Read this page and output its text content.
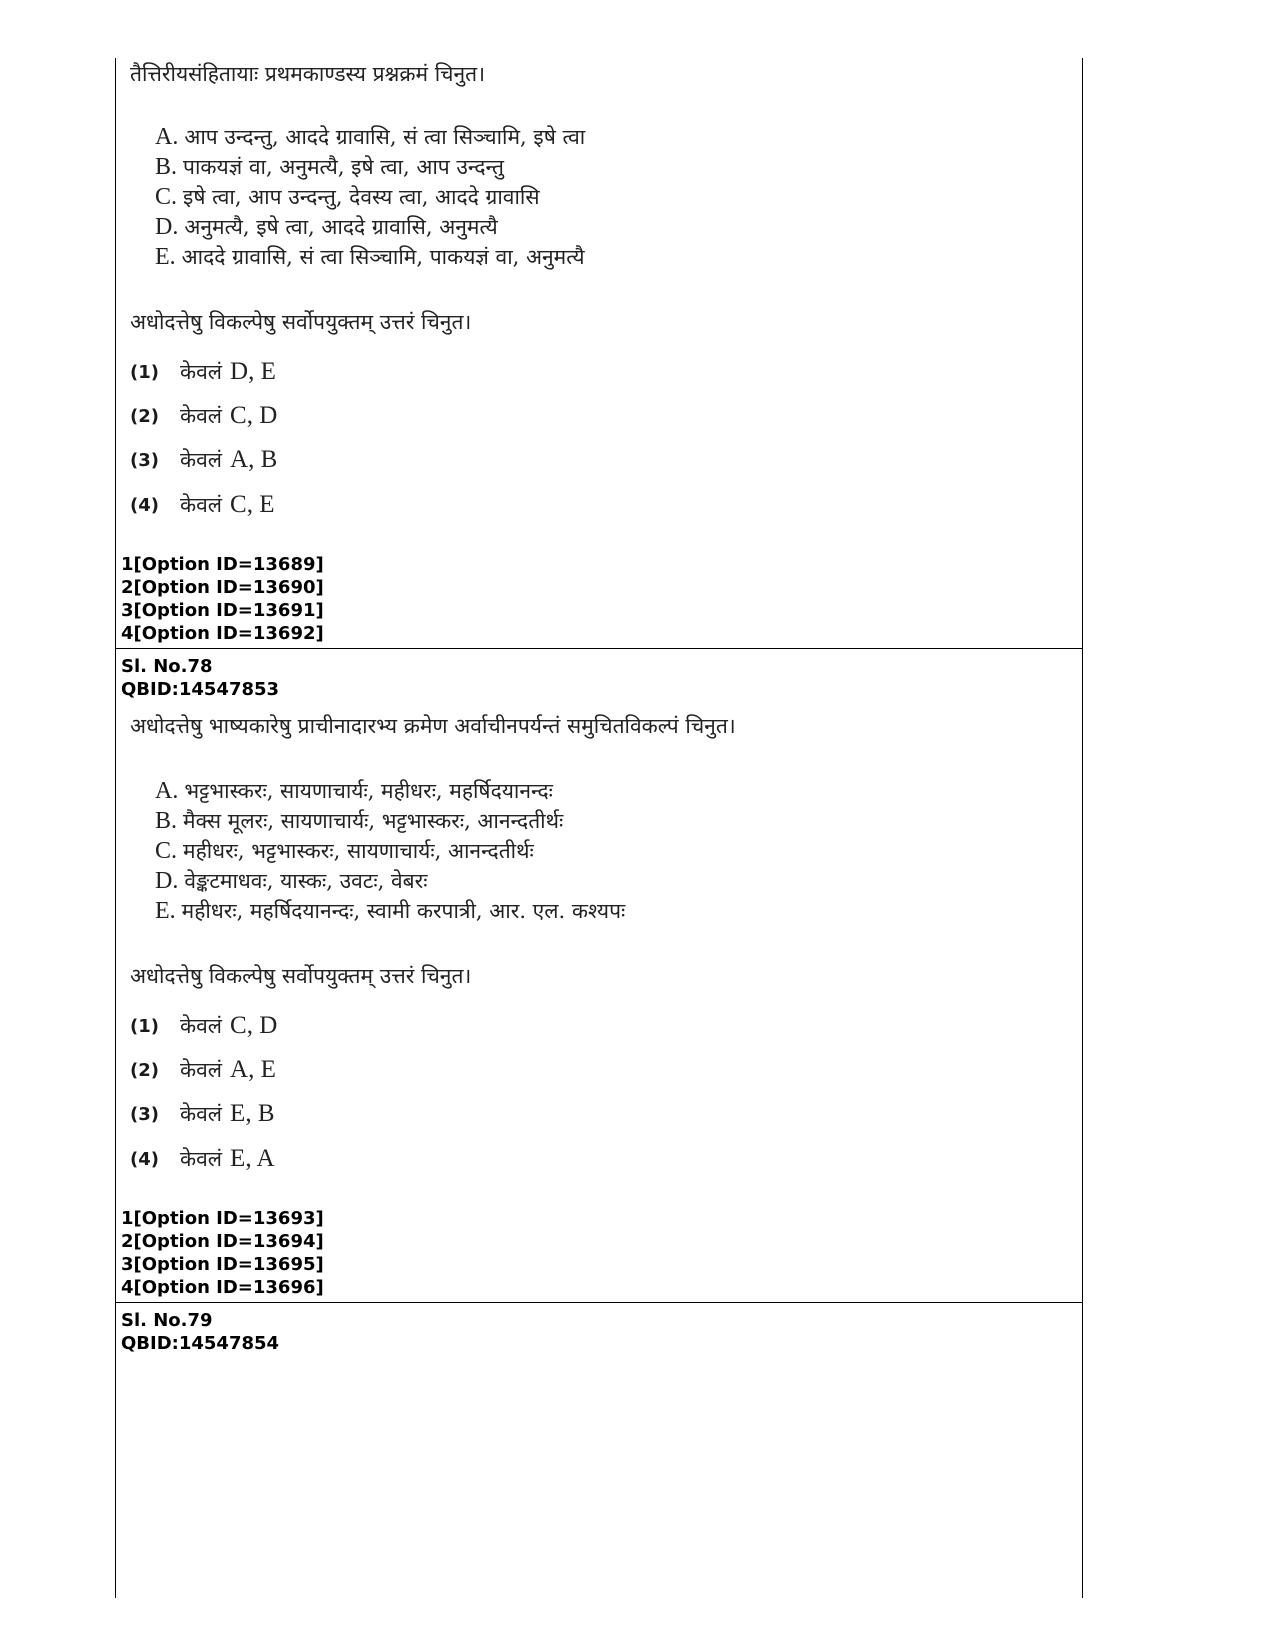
तैत्तिरीयसंहितायाः प्रथमकाण्डस्य प्रश्नक्रमं चिनुत।
A. आप उन्दन्तु, आददे ग्रावासि, सं त्वा सिञ्चामि, इषे त्वा
B. पाकयज्ञं वा, अनुमत्यै, इषे त्वा, आप उन्दन्तु
C. इषे त्वा, आप उन्दन्तु, देवस्य त्वा, आददे ग्रावासि
D. अनुमत्यै, इषे त्वा, आददे ग्रावासि, अनुमत्यै
E. आददे ग्रावासि, सं त्वा सिञ्चामि, पाकयज्ञं वा, अनुमत्यै
अधोदत्तेषु विकल्पेषु सर्वोपयुक्तम् उत्तरं चिनुत।
(1)	केवलं D, E
(2)	केवलं C, D
(3)	केवलं A, B
(4)	केवलं C, E
1[Option ID=13689]
2[Option ID=13690]
3[Option ID=13691]
4[Option ID=13692]
Sl. No.78
QBID:14547853
अधोदत्तेषु भाष्यकारेषु प्राचीनादारभ्य क्रमेण अर्वाचीनपर्यन्तं समुचितविकल्पं चिनुत।
A. भट्टभास्करः, सायणाचार्यः, महीधरः, महर्षिदयानन्दः
B. मैक्स मूलरः, सायणाचार्यः, भट्टभास्करः, आनन्दतीर्थः
C. महीधरः, भट्टभास्करः, सायणाचार्यः, आनन्दतीर्थः
D. वेङ्कटमाधवः, यास्कः, उवटः, वेबरः
E. महीधरः, महर्षिदयानन्दः, स्वामी करपात्री, आर. एल. कश्यपः
अधोदत्तेषु विकल्पेषु सर्वोपयुक्तम् उत्तरं चिनुत।
(1)	केवलं C, D
(2)	केवलं A, E
(3)	केवलं E, B
(4)	केवलं E, A
1[Option ID=13693]
2[Option ID=13694]
3[Option ID=13695]
4[Option ID=13696]
Sl. No.79
QBID:14547854
